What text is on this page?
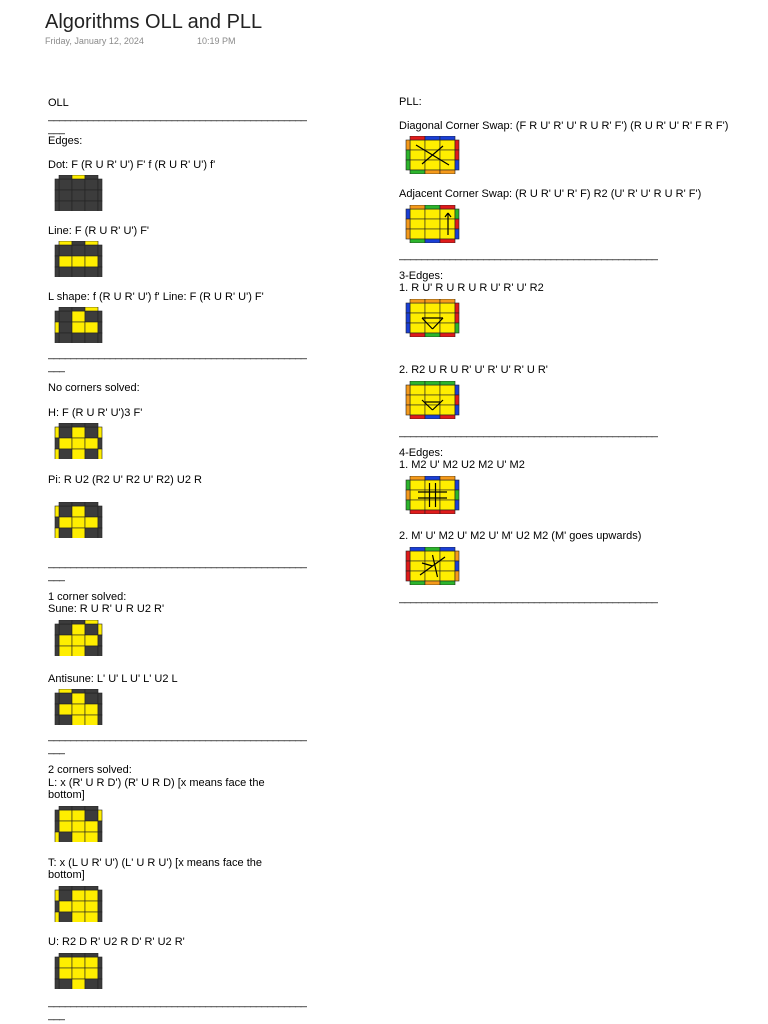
Algorithms OLL and PLL
Friday, January 12, 2024	10:19 PM
OLL
______________________________________________
___
Edges:
Dot: F (R U R' U') F' f (R U R' U') f'
Line: F (R U R' U') F'
L shape: f (R U R' U') f' Line: F (R U R' U') F'
______________________________________________
___
No corners solved:
H: F (R U R' U')3 F'
Pi: R U2 (R2 U' R2 U' R2) U2 R
______________________________________________
___
1 corner solved:
Sune: R U R' U R U2 R'
Antisune: L' U' L U' L' U2 L
______________________________________________
___
2 corners solved:
L: x (R' U R D') (R' U R D) [x means face the
bottom]
T: x (L U R' U') (L' U R U') [x means face the
bottom]
U: R2 D R' U2 R D' R' U2 R'
______________________________________________
___
PLL:
Diagonal Corner Swap: (F R U' R' U' R U R' F') (R U R' U' R' F R F')
Adjacent Corner Swap: (R U R' U' R' F) R2 (U' R' U' R U R' F')
______________________________________________
3-Edges:
1. R U' R U R U R U' R' U' R2
2. R2 U R U R' U' R' U' R' U R'
______________________________________________
4-Edges:
1. M2 U' M2 U2 M2 U' M2
2. M' U' M2 U' M2 U' M' U2 M2 (M' goes upwards)
______________________________________________
